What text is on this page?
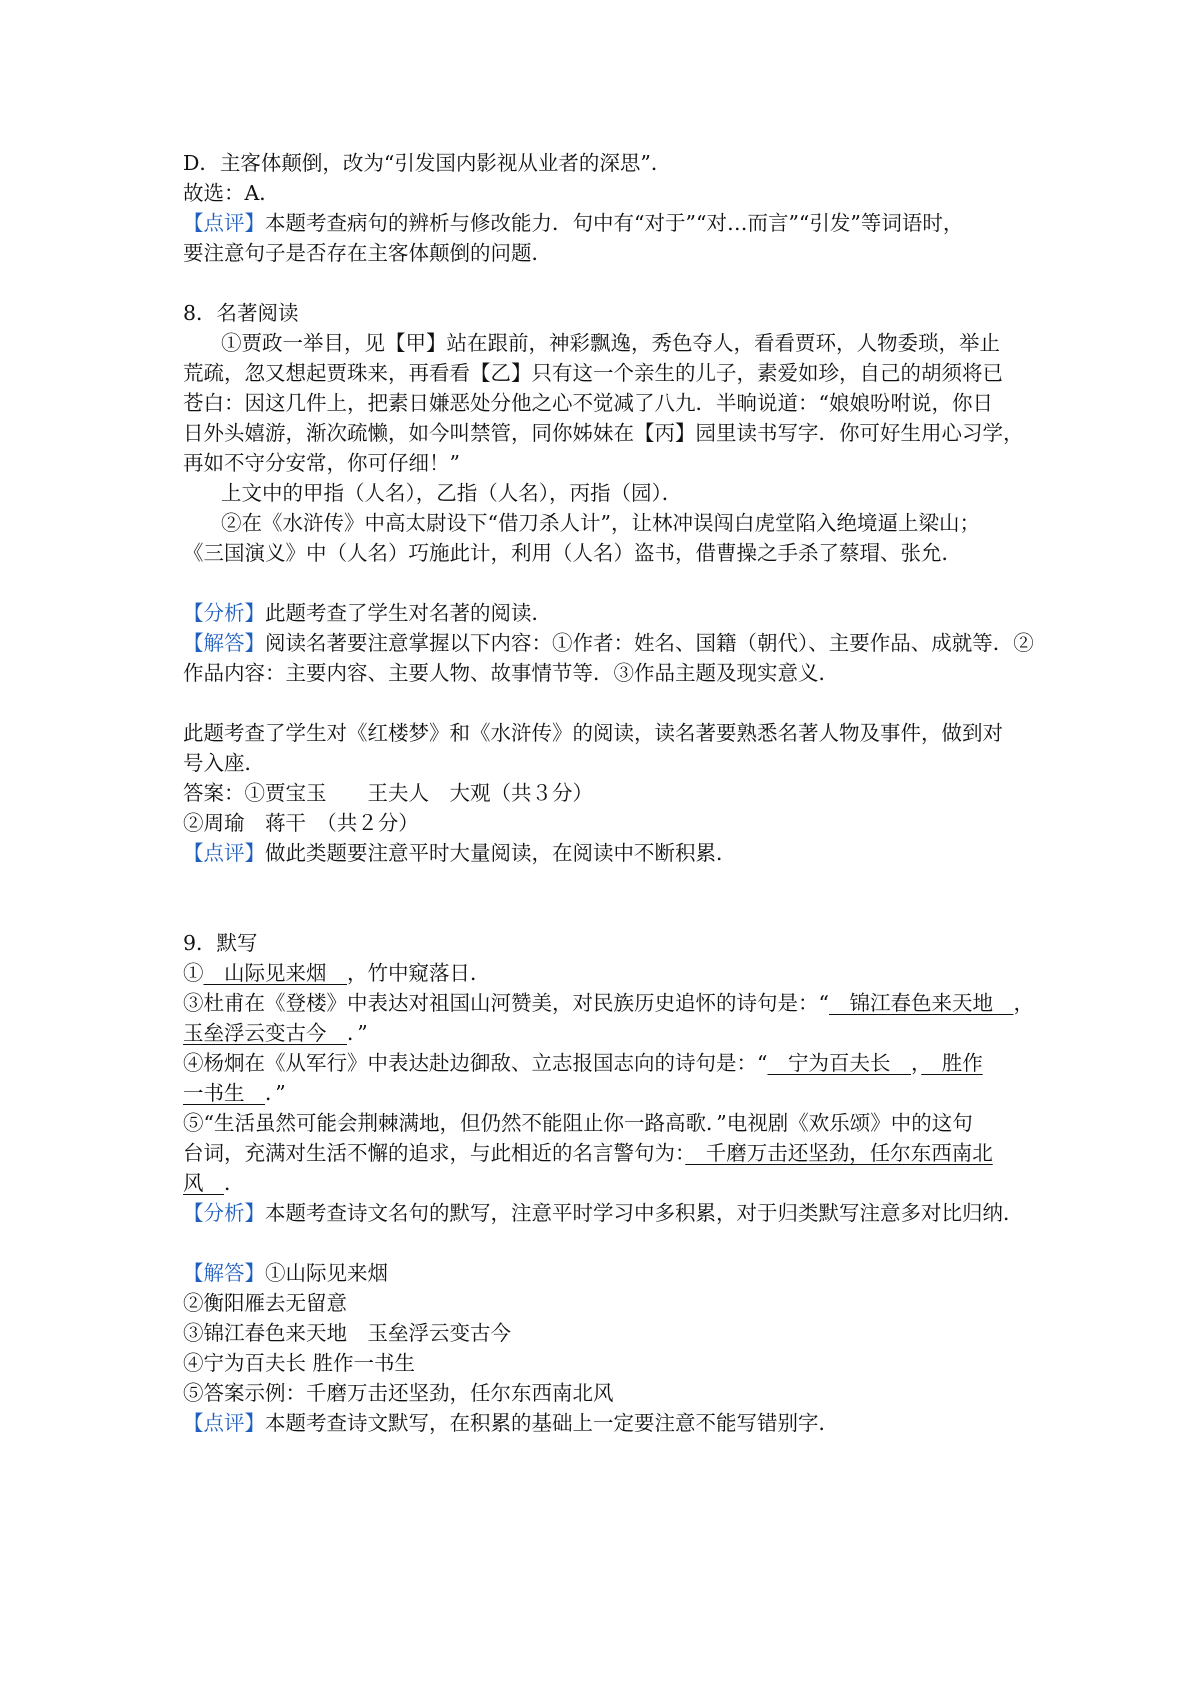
D．主客体颠倒，改为“引发国内影视从业者的深思”．
故选：A．
【点评】本题考查病句的辨析与修改能力．句中有“对于”“对…而言”“引发”等词语时，
要注意句子是否存在主客体颠倒的问题．
8．名著阅读
①贾政一举目，见【甲】站在跟前，神彩飘逸，秀色夺人，看看贾环，人物委琐，举止
荒疏，忽又想起贾珠来，再看看【乙】只有这一个亲生的儿子，素爱如珍，自己的胡须将已
苍白：因这几件上，把素日嫌恶处分他之心不觉减了八九．半晌说道：“娘娘吩咐说，你日
日外头嬉游，渐次疏懒，如今叫禁管，同你姊妹在【丙】园里读书写字．你可好生用心习学，
再如不守分安常，你可仔细！”
上文中的甲指（人名），乙指（人名），丙指（园）．
②在《水浒传》中高太尉设下“借刀杀人计”，让林冲误闯白虎堂陷入绝境逼上梁山；
《三国演义》中（人名）巧施此计，利用（人名）盗书，借曹操之手杀了蔡瑁、张允．
【分析】此题考查了学生对名著的阅读．
【解答】阅读名著要注意掌握以下内容：①作者：姓名、国籍（朝代）、主要作品、成就等．②
作品内容：主要内容、主要人物、故事情节等．③作品主题及现实意义．
此题考查了学生对《红楼梦》和《水浒传》的阅读，读名著要熟悉名著人物及事件，做到对
号入座．
答案：①贾宝玉　　王夫人　大观（共３分）
②周瑜　蒋干　（共２分）
【点评】做此类题要注意平时大量阅读，在阅读中不断积累．
9．默写
①　山际见来烟　，竹中窥落日．
③杜甫在《登楼》中表达对祖国山河赞美，对民族历史追怀的诗句是：“　锦江春色来天地　，
玉垒浮云变古今　．”
④杨炯在《从军行》中表达赴边御敌、立志报国志向的诗句是：“　宁为百夫长　，　胜作
一书生　．”
⑤“生活虽然可能会荆棘满地，但仍然不能阻止你一路高歌．”电视剧《欢乐颂》中的这句
台词，充满对生活不懈的追求，与此相近的名言警句为：　千磨万击还坚劲，任尔东西南北
风　．
【分析】本题考查诗文名句的默写，注意平时学习中多积累，对于归类默写注意多对比归纳．
【解答】①山际见来烟
②衡阳雁去无留意
③锦江春色来天地　玉垒浮云变古今
④宁为百夫长 胜作一书生
⑤答案示例：千磨万击还坚劲，任尔东西南北风
【点评】本题考查诗文默写，在积累的基础上一定要注意不能写错别字．
